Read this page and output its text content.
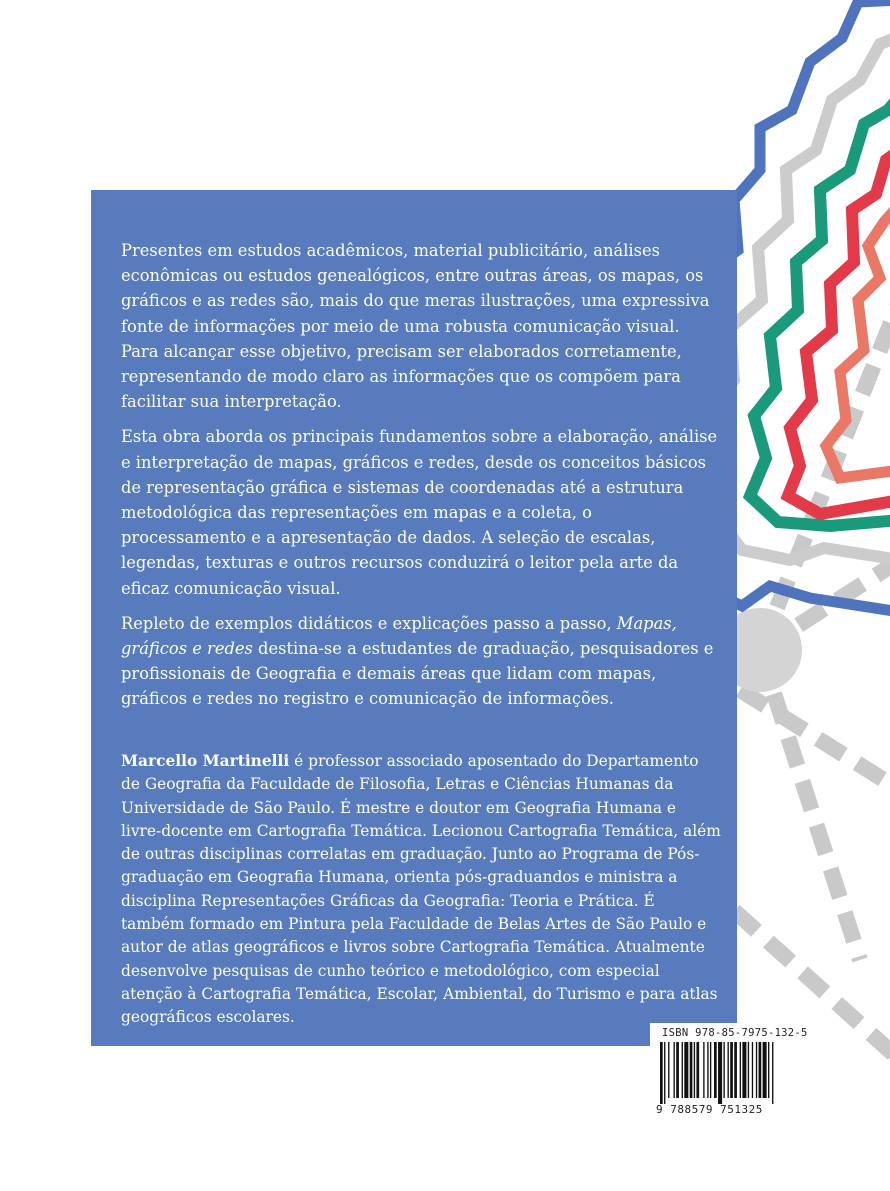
Presentes em estudos acadêmicos, material publicitário, análises econômicas ou estudos genealógicos, entre outras áreas, os mapas, os gráficos e as redes são, mais do que meras ilustrações, uma expressiva fonte de informações por meio de uma robusta comunicação visual. Para alcançar esse objetivo, precisam ser elaborados corretamente, representando de modo claro as informações que os compõem para facilitar sua interpretação.

Esta obra aborda os principais fundamentos sobre a elaboração, análise e interpretação de mapas, gráficos e redes, desde os conceitos básicos de representação gráfica e sistemas de coordenadas até a estrutura metodológica das representações em mapas e a coleta, o processamento e a apresentação de dados. A seleção de escalas, legendas, texturas e outros recursos conduzirá o leitor pela arte da eficaz comunicação visual.

Repleto de exemplos didáticos e explicações passo a passo, Mapas, gráficos e redes destina-se a estudantes de graduação, pesquisadores e profissionais de Geografia e demais áreas que lidam com mapas, gráficos e redes no registro e comunicação de informações.

Marcello Martinelli é professor associado aposentado do Departamento de Geografia da Faculdade de Filosofia, Letras e Ciências Humanas da Universidade de São Paulo. É mestre e doutor em Geografia Humana e livre-docente em Cartografia Temática. Lecionou Cartografia Temática, além de outras disciplinas correlatas em graduação. Junto ao Programa de Pós-graduação em Geografia Humana, orienta pós-graduandos e ministra a disciplina Representações Gráficas da Geografia: Teoria e Prática. É também formado em Pintura pela Faculdade de Belas Artes de São Paulo e autor de atlas geográficos e livros sobre Cartografia Temática. Atualmente desenvolve pesquisas de cunho teórico e metodológico, com especial atenção à Cartografia Temática, Escolar, Ambiental, do Turismo e para atlas geográficos escolares.

ISBN 978-85-7975-132-5
9 788579 751325
